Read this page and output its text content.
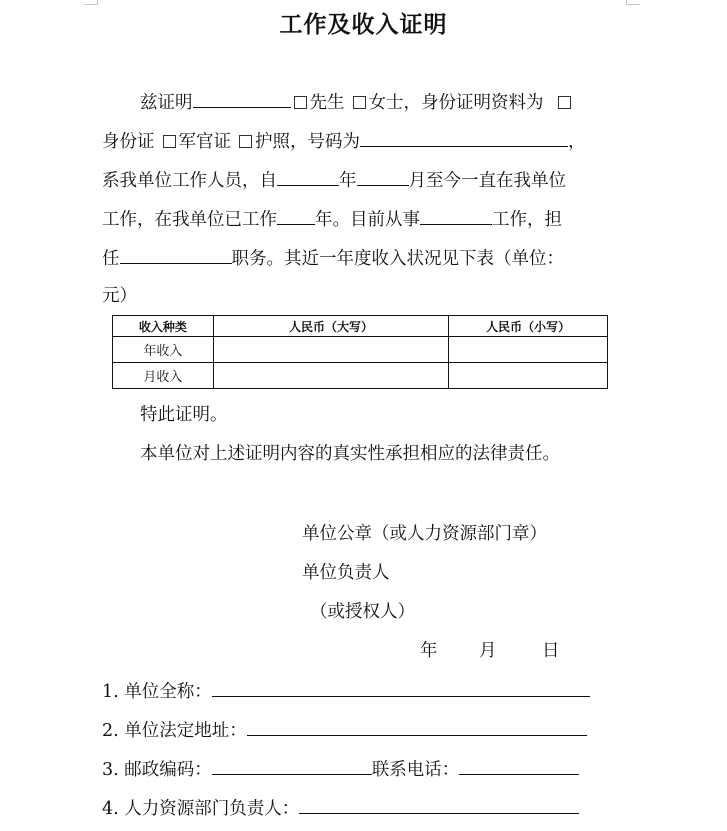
工作及收入证明
兹证明	先生 女士，身份证明资料为
身份证 军官证 护照，号码为	，
系我单位工作人员，自	年	月至今一直在我单位
工作，在我单位已工作 年。目前从事	工作，担
任	职务。其近一年度收入状况见下表（单位：
元）
收入种类	人民币（大写）	人民币（小写）
年收入		
月收入		
特此证明。
本单位对上述证明内容的真实性承担相应的法律责任。
单位公章（或人力资源部门章）
单位负责人
（或授权人）
年 月	日
1. 单位全称：
2. 单位法定地址：
3. 邮政编码：	联系电话：
4. 人力资源部门负责人：
